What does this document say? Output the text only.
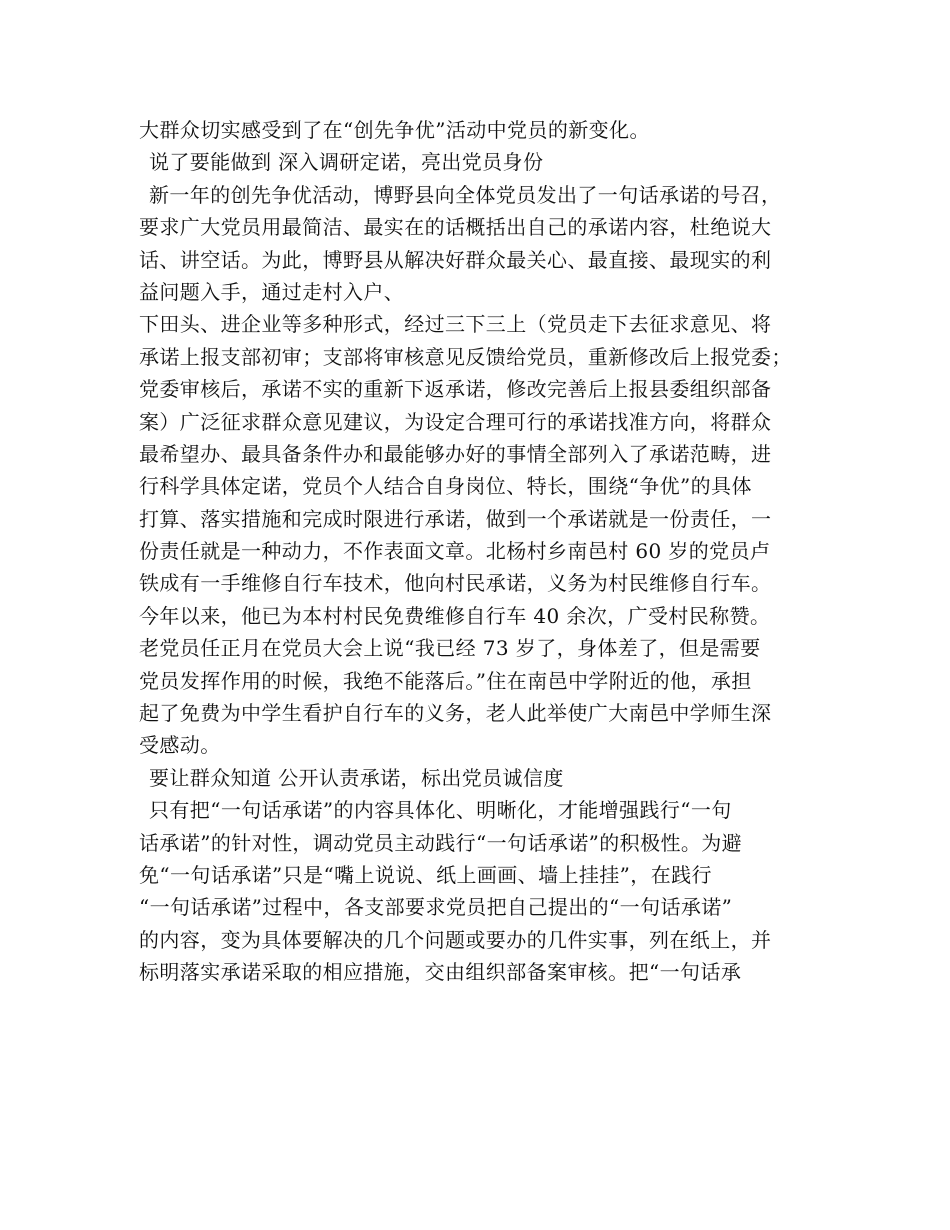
大群众切实感受到了在“创先争优”活动中党员的新变化。
说了要能做到 深入调研定诺，亮出党员身份
新一年的创先争优活动，博野县向全体党员发出了一句话承诺的号召，
要求广大党员用最简洁、最实在的话概括出自己的承诺内容，杜绝说大
话、讲空话。为此，博野县从解决好群众最关心、最直接、最现实的利
益问题入手，通过走村入户、
下田头、进企业等多种形式，经过三下三上（党员走下去征求意见、将
承诺上报支部初审；支部将审核意见反馈给党员，重新修改后上报党委；
党委审核后，承诺不实的重新下返承诺，修改完善后上报县委组织部备
案）广泛征求群众意见建议，为设定合理可行的承诺找准方向，将群众
最希望办、最具备条件办和最能够办好的事情全部列入了承诺范畴，进
行科学具体定诺，党员个人结合自身岗位、特长，围绕“争优”的具体
打算、落实措施和完成时限进行承诺，做到一个承诺就是一份责任，一
份责任就是一种动力，不作表面文章。北杨村乡南邑村 60 岁的党员卢
铁成有一手维修自行车技术，他向村民承诺，义务为村民维修自行车。
今年以来，他已为本村村民免费维修自行车 40 余次，广受村民称赞。
老党员任正月在党员大会上说“我已经 73 岁了，身体差了，但是需要
党员发挥作用的时候，我绝不能落后。”住在南邑中学附近的他，承担
起了免费为中学生看护自行车的义务，老人此举使广大南邑中学师生深
受感动。
要让群众知道 公开认责承诺，标出党员诚信度
只有把“一句话承诺”的内容具体化、明晰化，才能增强践行“一句
话承诺”的针对性，调动党员主动践行“一句话承诺”的积极性。为避
免“一句话承诺”只是“嘴上说说、纸上画画、墙上挂挂”，在践行
“一句话承诺”过程中，各支部要求党员把自己提出的“一句话承诺”
的内容，变为具体要解决的几个问题或要办的几件实事，列在纸上，并
标明落实承诺采取的相应措施，交由组织部备案审核。把“一句话承
